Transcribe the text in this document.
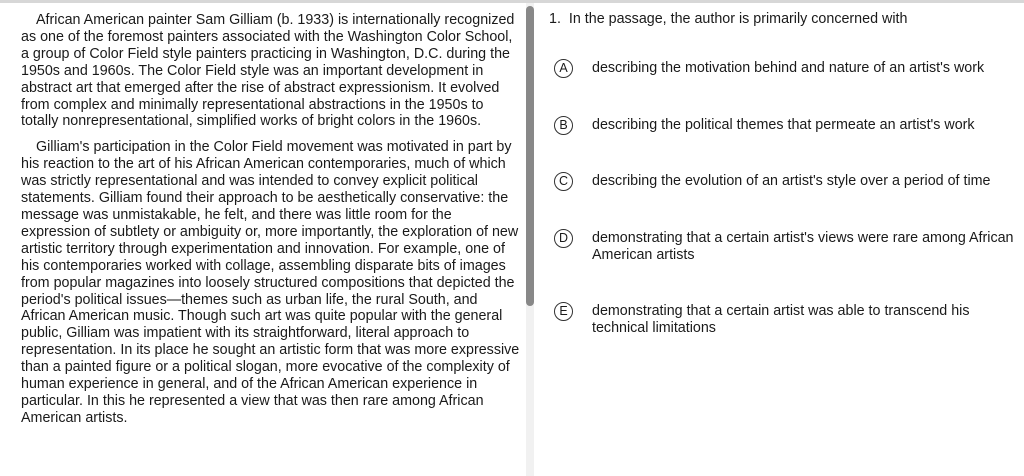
African American painter Sam Gilliam (b. 1933) is internationally recognized as one of the foremost painters associated with the Washington Color School, a group of Color Field style painters practicing in Washington, D.C. during the 1950s and 1960s. The Color Field style was an important development in abstract art that emerged after the rise of abstract expressionism. It evolved from complex and minimally representational abstractions in the 1950s to totally nonrepresentational, simplified works of bright colors in the 1960s.

Gilliam's participation in the Color Field movement was motivated in part by his reaction to the art of his African American contemporaries, much of which was strictly representational and was intended to convey explicit political statements. Gilliam found their approach to be aesthetically conservative: the message was unmistakable, he felt, and there was little room for the expression of subtlety or ambiguity or, more importantly, the exploration of new artistic territory through experimentation and innovation. For example, one of his contemporaries worked with collage, assembling disparate bits of images from popular magazines into loosely structured compositions that depicted the period's political issues—themes such as urban life, the rural South, and African American music. Though such art was quite popular with the general public, Gilliam was impatient with its straightforward, literal approach to representation. In its place he sought an artistic form that was more expressive than a painted figure or a political slogan, more evocative of the complexity of human experience in general, and of the African American experience in particular. In this he represented a view that was then rare among African American artists.

1. In the passage, the author is primarily concerned with
A	describing the motivation behind and nature of an artist's work
B	describing the political themes that permeate an artist's work
C	describing the evolution of an artist's style over a period of time
D	demonstrating that a certain artist's views were rare among African American artists
E	demonstrating that a certain artist was able to transcend his technical limitations
